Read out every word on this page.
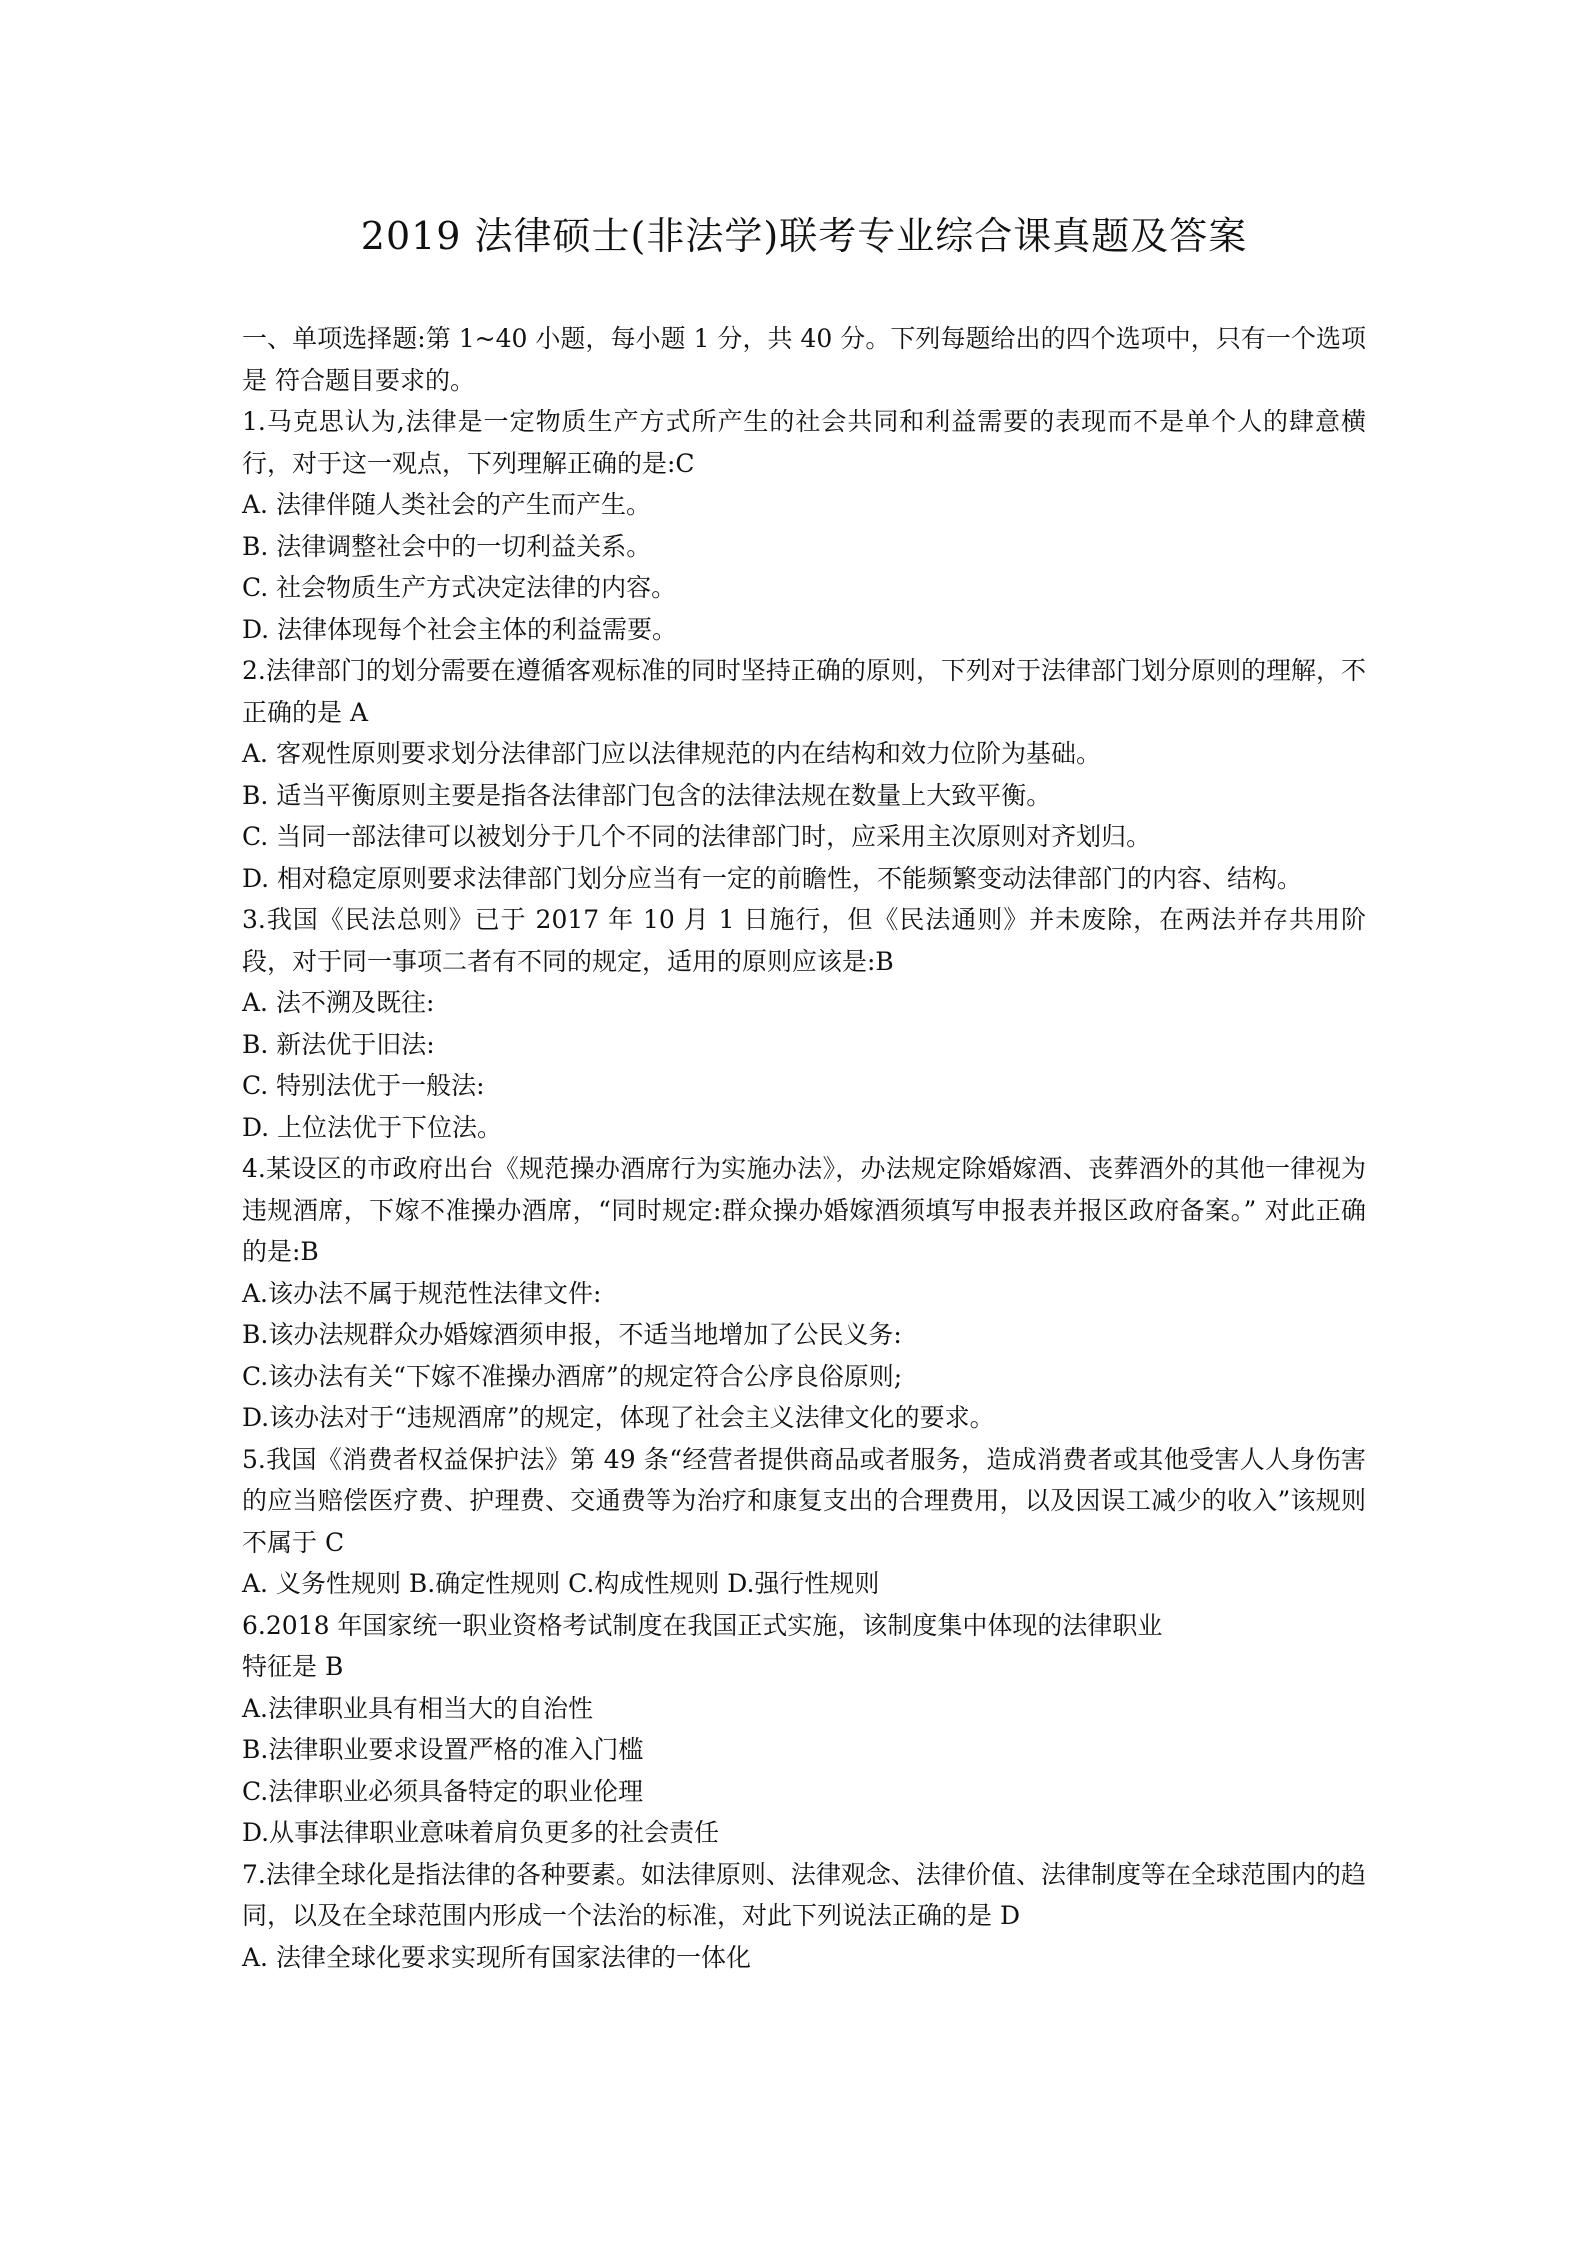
2019 法律硕士(非法学)联考专业综合课真题及答案

一、单项选择题:第 1~40 小题，每小题 1 分，共 40 分。下列每题给出的四个选项中，只有一个选项是 符合题目要求的。

1.马克思认为,法律是一定物质生产方式所产生的社会共同和利益需要的表现而不是单个人的肆意横行，对于这一观点，下列理解正确的是:C

A. 法律伴随人类社会的产生而产生。

B. 法律调整社会中的一切利益关系。

C. 社会物质生产方式决定法律的内容。

D. 法律体现每个社会主体的利益需要。

2.法律部门的划分需要在遵循客观标准的同时坚持正确的原则，下列对于法律部门划分原则的理解，不正确的是 A

A. 客观性原则要求划分法律部门应以法律规范的内在结构和效力位阶为基础。

B. 适当平衡原则主要是指各法律部门包含的法律法规在数量上大致平衡。

C. 当同一部法律可以被划分于几个不同的法律部门时，应采用主次原则对齐划归。

D. 相对稳定原则要求法律部门划分应当有一定的前瞻性，不能频繁变动法律部门的内容、结构。

3.我国《民法总则》已于 2017 年 10 月 1 日施行，但《民法通则》并未废除，在两法并存共用阶 段，对于同一事项二者有不同的规定，适用的原则应该是:B

A. 法不溯及既往:

B. 新法优于旧法:

C. 特别法优于一般法:

D. 上位法优于下位法。

4.某设区的市政府出台《规范操办酒席行为实施办法》，办法规定除婚嫁酒、丧葬酒外的其他一律视为违规酒席，下嫁不准操办酒席，“同时规定:群众操办婚嫁酒须填写申报表并报区政府备案。” 对此正确的是:B

A.该办法不属于规范性法律文件:

B.该办法规群众办婚嫁酒须申报，不适当地增加了公民义务:

C.该办法有关“下嫁不准操办酒席”的规定符合公序良俗原则;

D.该办法对于“违规酒席”的规定，体现了社会主义法律文化的要求。

5.我国《消费者权益保护法》第 49 条“经营者提供商品或者服务，造成消费者或其他受害人人身伤害的应当赔偿医疗费、护理费、交通费等为治疗和康复支出的合理费用，以及因误工减少的收入”该规则不属于 C

A. 义务性规则 B.确定性规则 C.构成性规则 D.强行性规则

6.2018 年国家统一职业资格考试制度在我国正式实施，该制度集中体现的法律职业

特征是 B

A.法律职业具有相当大的自治性

B.法律职业要求设置严格的准入门槛

C.法律职业必须具备特定的职业伦理

D.从事法律职业意味着肩负更多的社会责任

7.法律全球化是指法律的各种要素。如法律原则、法律观念、法律价值、法律制度等在全球范围内的趋同，以及在全球范围内形成一个法治的标准，对此下列说法正确的是 D

A. 法律全球化要求实现所有国家法律的一体化
